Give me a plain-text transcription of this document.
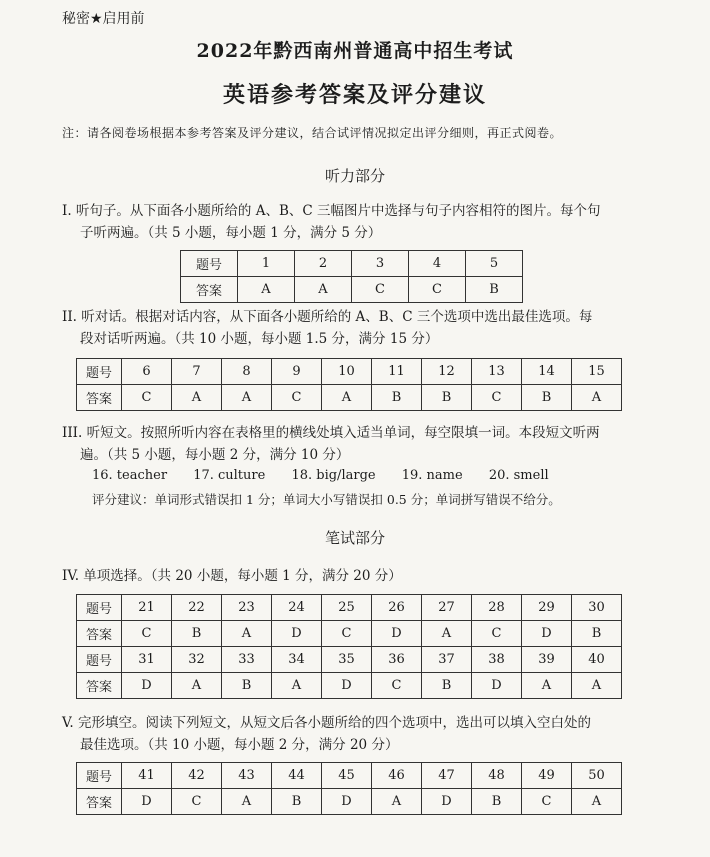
秘密★启用前
2022年黔西南州普通高中招生考试
英语参考答案及评分建议
注：请各阅卷场根据本参考答案及评分建议，结合试评情况拟定出评分细则，再正式阅卷。
听力部分
I. 听句子。从下面各小题所给的 A、B、C 三幅图片中选择与句子内容相符的图片。每个句
子听两遍。（共 5 小题，每小题 1 分，满分 5 分）
题号	1	2	3	4	5
答案	A	A	C	C	B
II. 听对话。根据对话内容，从下面各小题所给的 A、B、C 三个选项中选出最佳选项。每
段对话听两遍。（共 10 小题，每小题 1.5 分，满分 15 分）
题号	6	7	8	9	10	11	12	13	14	15
答案	C	A	A	C	A	B	B	C	B	A
III. 听短文。按照所听内容在表格里的横线处填入适当单词，每空限填一词。本段短文听两
遍。（共 5 小题，每小题 2 分，满分 10 分）
16. teacher 17. culture 18. big/large 19. name 20. smell
评分建议：单词形式错误扣 1 分；单词大小写错误扣 0.5 分；单词拼写错误不给分。
笔试部分
IV. 单项选择。（共 20 小题，每小题 1 分，满分 20 分）
题号	21	22	23	24	25	26	27	28	29	30
答案	C	B	A	D	C	D	A	C	D	B
题号	31	32	33	34	35	36	37	38	39	40
答案	D	A	B	A	D	C	B	D	A	A
V. 完形填空。阅读下列短文，从短文后各小题所给的四个选项中，选出可以填入空白处的
最佳选项。（共 10 小题，每小题 2 分，满分 20 分）
题号	41	42	43	44	45	46	47	48	49	50
答案	D	C	A	B	D	A	D	B	C	A
